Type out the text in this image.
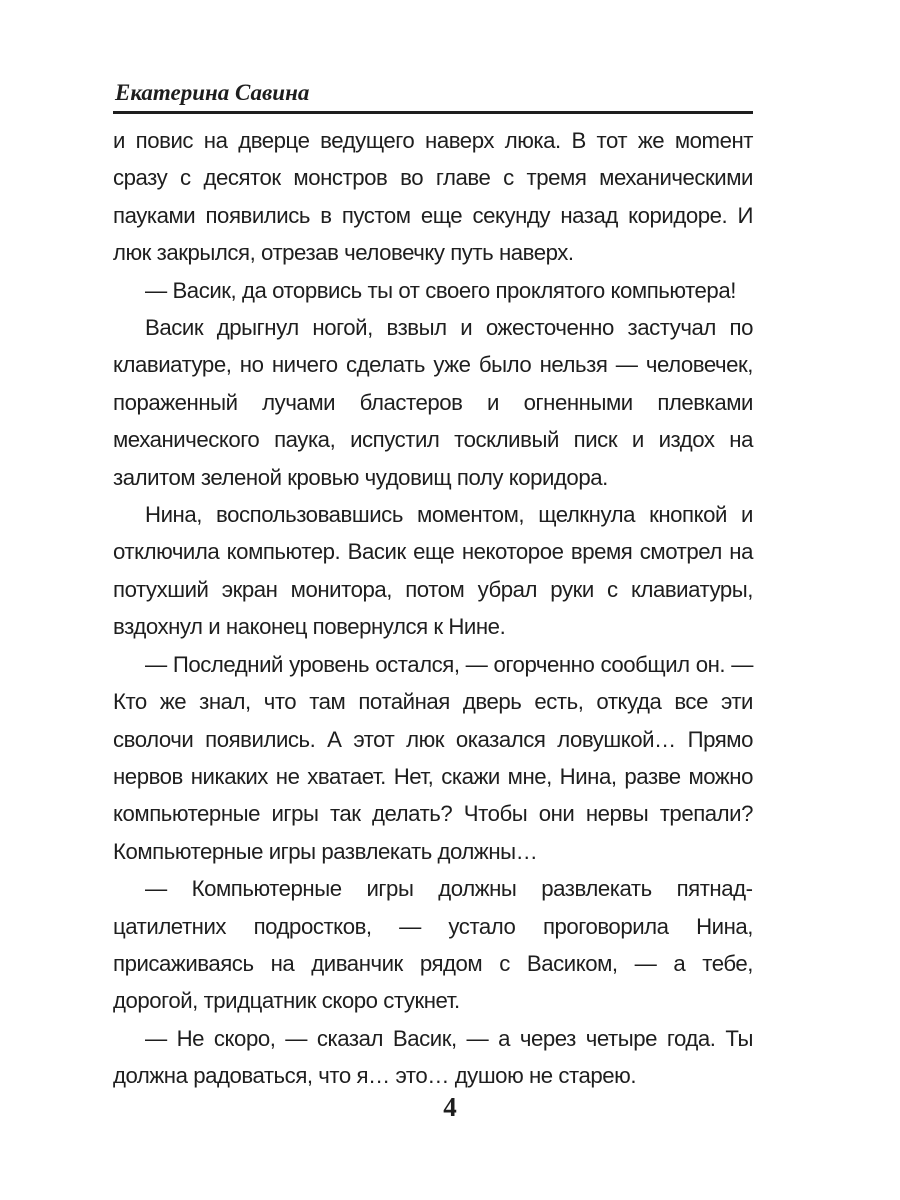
Екатерина Савина

и повис на дверце ведущего наверх люка. В тот же моmент сразу с десяток монстров во главе с тремя механическими пауками появились в пустом еще секунду назад коридоре. И люк закрылся, отрезав человечку путь наверх.

— Васик, да оторвись ты от своего проклятого компьютера!

Васик дрыгнул ногой, взвыл и ожесточенно застучал по клавиатуре, но ничего сделать уже было нельзя — человечек, пораженный лучами бластеров и огненными плевками механического паука, испустил тоскливый писк и издох на залитом зеленой кровью чудовищ полу коридора.

Нина, воспользовавшись моментом, щелкнула кнопкой и отключила компьютер. Васик еще некоторое время смотрел на потухший экран монитора, потом убрал руки с клавиатуры, вздохнул и наконец повернулся к Нине.

— Последний уровень остался, — огорченно сообщил он. — Кто же знал, что там потайная дверь есть, откуда все эти сволочи появились. А этот люк оказался ловушкой… Прямо нервов никаких не хватает. Нет, скажи мне, Нина, разве можно компьютерные игры так делать? Чтобы они нервы трепали? Компьютерные игры развлекать должны…

— Компьютерные игры должны развлекать пятнадцатилетних подростков, — устало проговорила Нина, присаживаясь на диванчик рядом с Васиком, — а тебе, дорогой, тридцатник скоро стукнет.

— Не скоро, — сказал Васик, — а через четыре года. Ты должна радоваться, что я… это… душою не старею.

4
